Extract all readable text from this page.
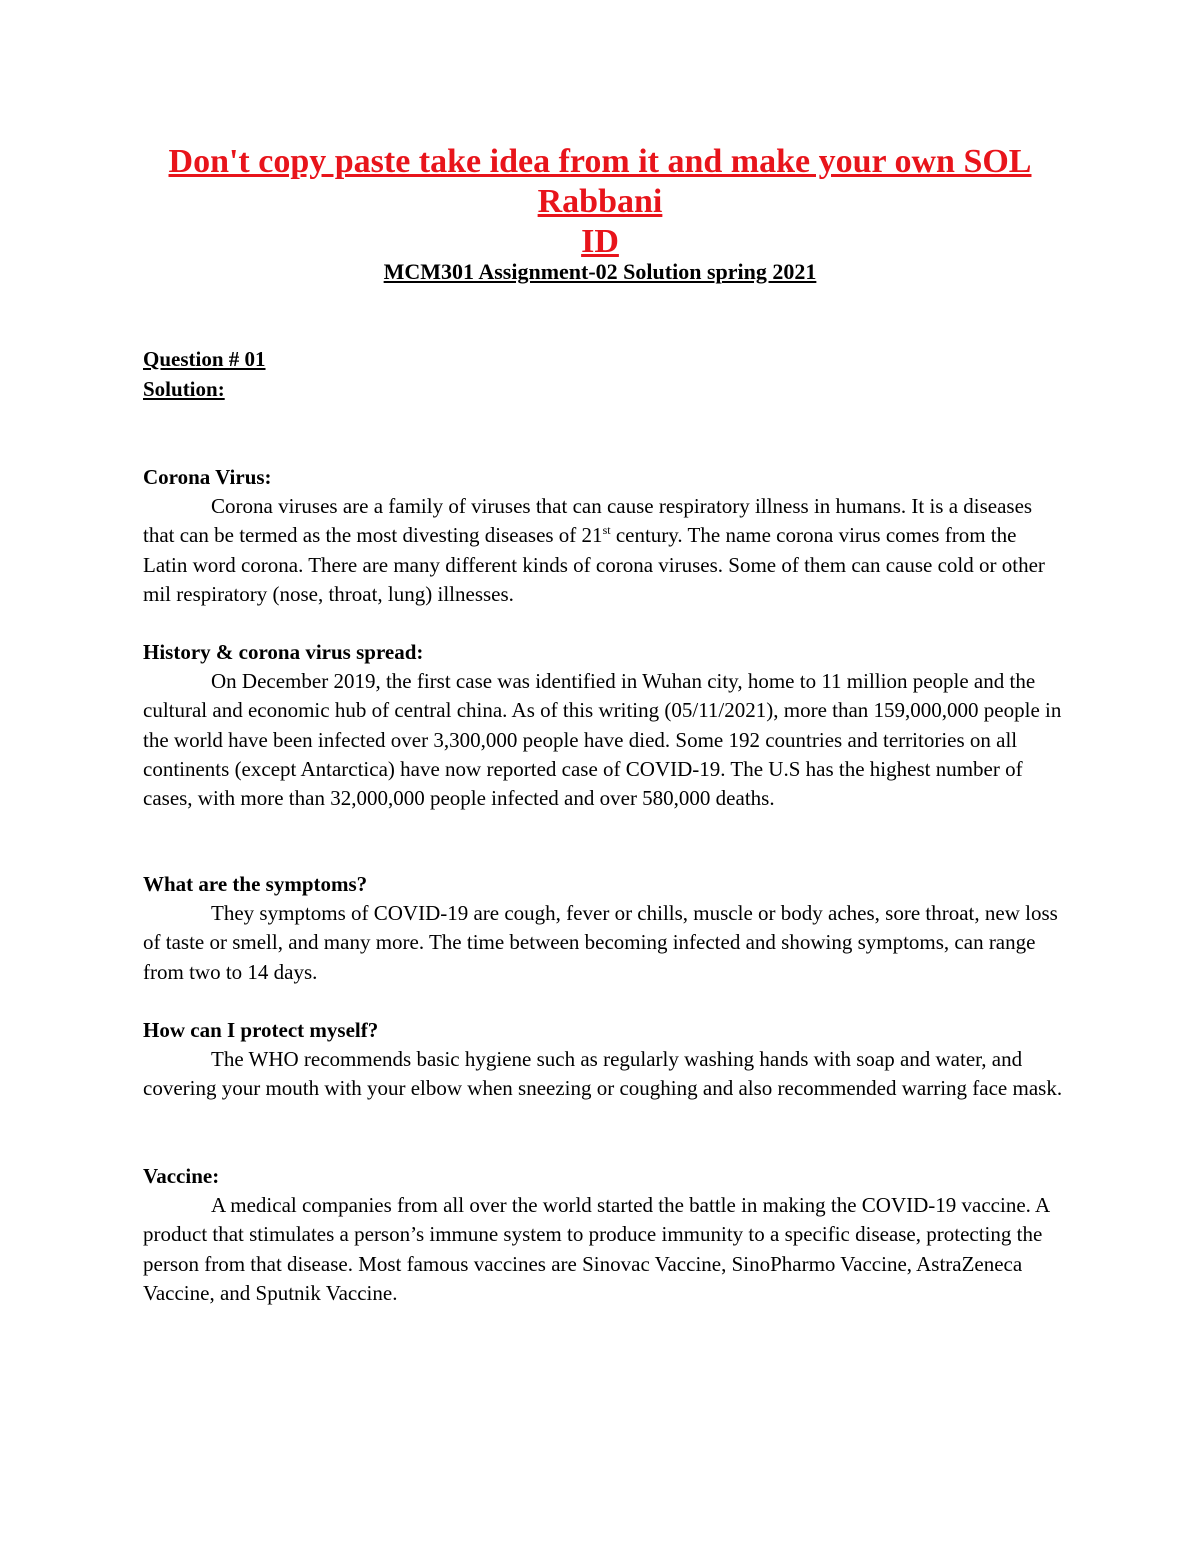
Don't copy paste take idea from it and make your own SOL
Rabbani
ID
MCM301 Assignment-02 Solution spring 2021
Question # 01
Solution:
Corona Virus:

Corona viruses are a family of viruses that can cause respiratory illness in humans. It is a diseases that can be termed as the most divesting diseases of 21st century. The name corona virus comes from the Latin word corona. There are many different kinds of corona viruses. Some of them can cause cold or other mil respiratory (nose, throat, lung) illnesses.

History & corona virus spread:

On December 2019, the first case was identified in Wuhan city, home to 11 million people and the cultural and economic hub of central china. As of this writing (05/11/2021), more than 159,000,000 people in the world have been infected over 3,300,000 people have died. Some 192 countries and territories on all continents (except Antarctica) have now reported case of COVID-19. The U.S has the highest number of cases, with more than 32,000,000 people infected and over 580,000 deaths.

What are the symptoms?

They symptoms of COVID-19 are cough, fever or chills, muscle or body aches, sore throat, new loss of taste or smell, and many more. The time between becoming infected and showing symptoms, can range from two to 14 days.

How can I protect myself?

The WHO recommends basic hygiene such as regularly washing hands with soap and water, and covering your mouth with your elbow when sneezing or coughing and also recommended warring face mask.

Vaccine:

A medical companies from all over the world started the battle in making the COVID-19 vaccine. A product that stimulates a person’s immune system to produce immunity to a specific disease, protecting the person from that disease. Most famous vaccines are Sinovac Vaccine, SinoPharmo Vaccine, AstraZeneca Vaccine, and Sputnik Vaccine.
